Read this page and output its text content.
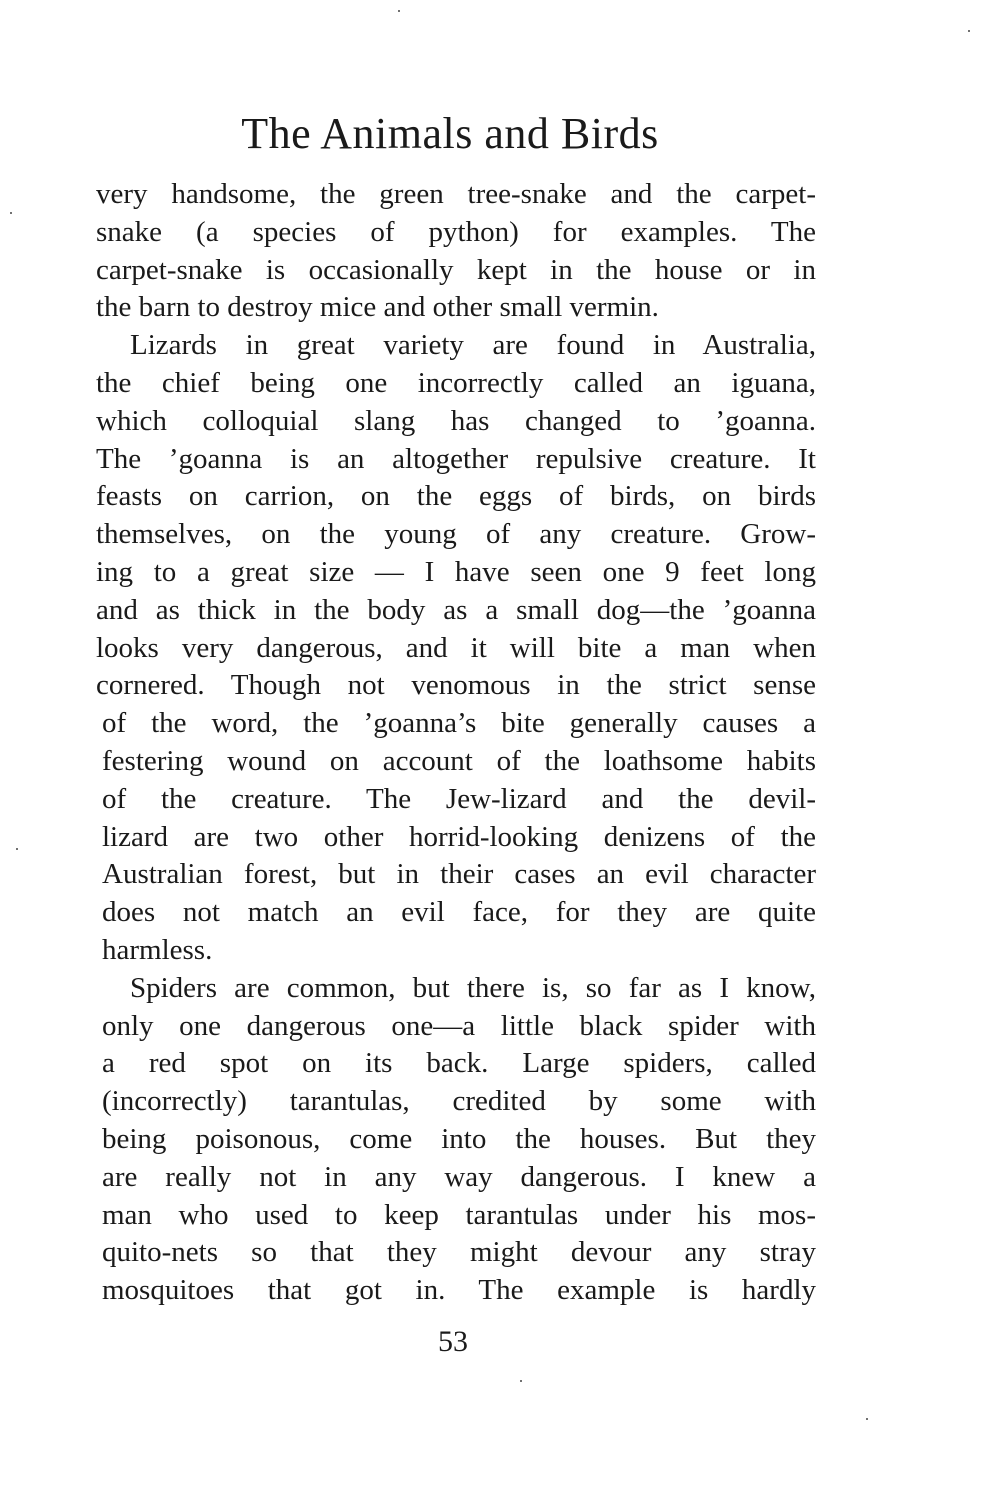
The Animals and Birds
very handsome, the green tree-snake and the carpet-
snake (a species of python) for examples. The
carpet-snake is occasionally kept in the house or in
the barn to destroy mice and other small vermin.
Lizards in great variety are found in Australia,
the chief being one incorrectly called an iguana,
which colloquial slang has changed to ’goanna.
The ’goanna is an altogether repulsive creature. It
feasts on carrion, on the eggs of birds, on birds
themselves, on the young of any creature. Grow-
ing to a great size — I have seen one 9 feet long
and as thick in the body as a small dog—the ’goanna
looks very dangerous, and it will bite a man when
cornered. Though not venomous in the strict sense
of the word, the ’goanna’s bite generally causes a
festering wound on account of the loathsome habits
of the creature. The Jew-lizard and the devil-
lizard are two other horrid-looking denizens of the
Australian forest, but in their cases an evil character
does not match an evil face, for they are quite
harmless.
Spiders are common, but there is, so far as I know,
only one dangerous one—a little black spider with
a red spot on its back. Large spiders, called
(incorrectly) tarantulas, credited by some with
being poisonous, come into the houses. But they
are really not in any way dangerous. I knew a
man who used to keep tarantulas under his mos-
quito-nets so that they might devour any stray
mosquitoes that got in. The example is hardly
53
